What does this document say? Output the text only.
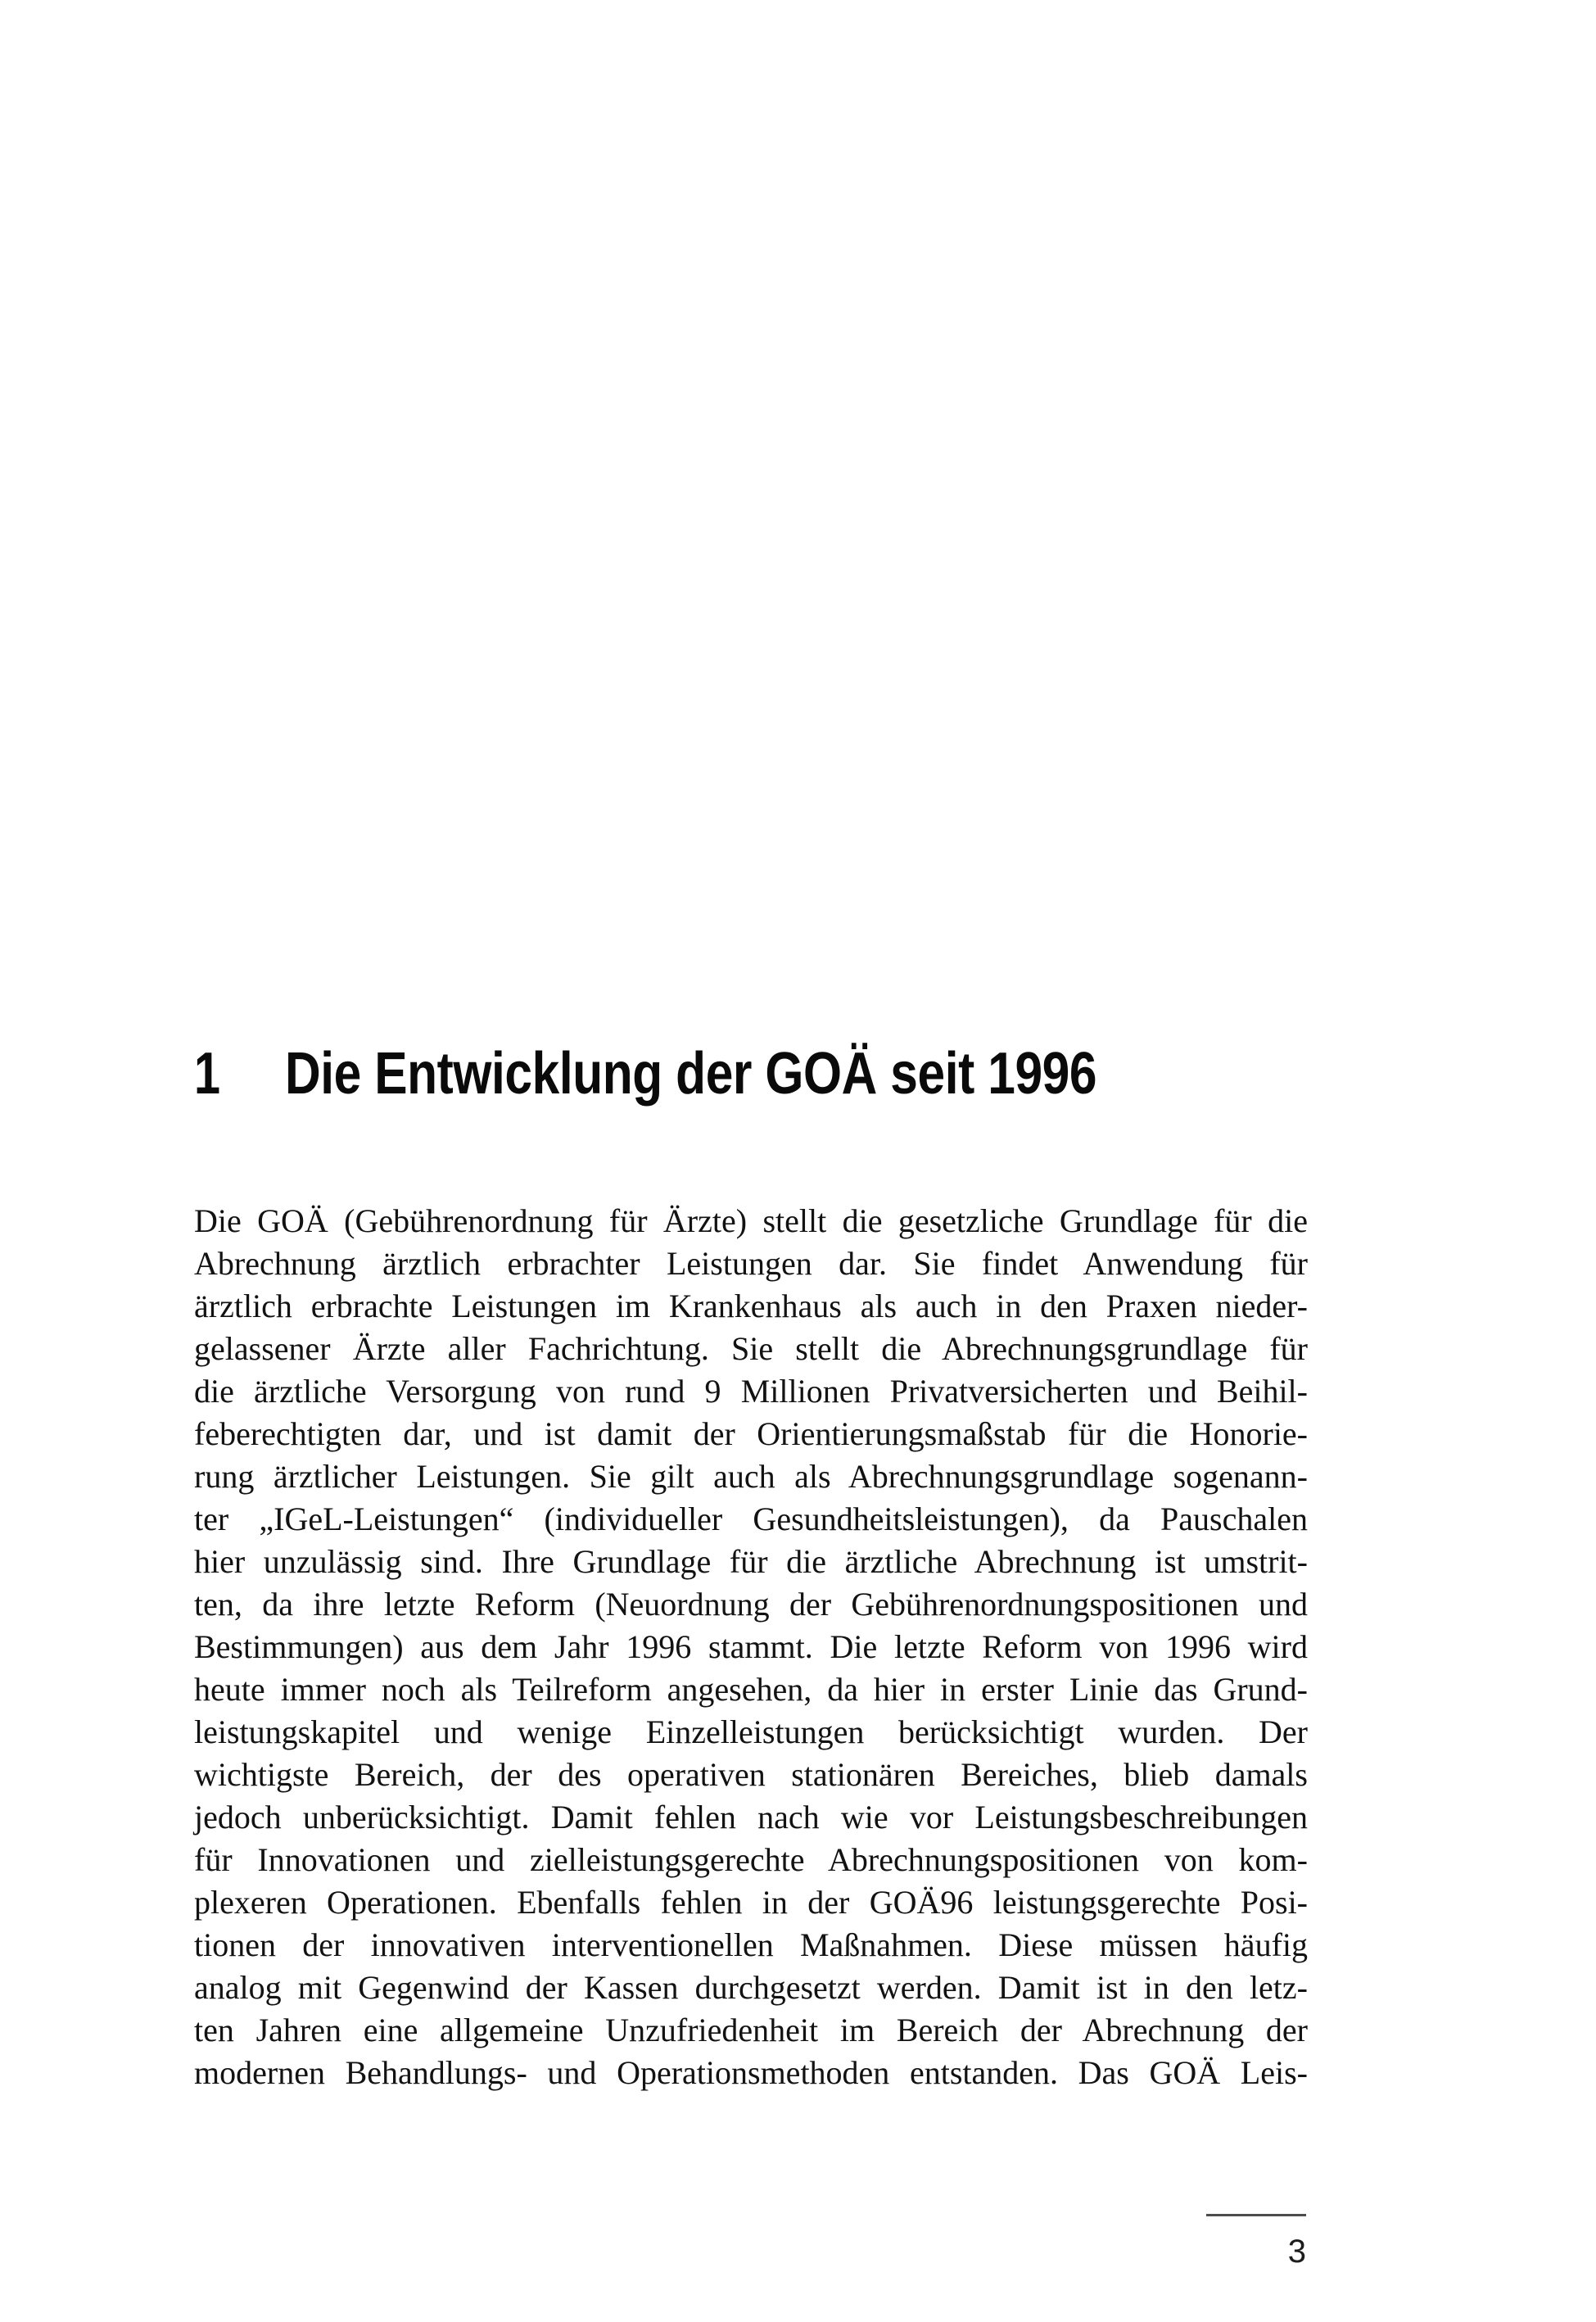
1 Die Entwicklung der GOÄ seit 1996
Die GOÄ (Gebührenordnung für Ärzte) stellt die gesetzliche Grundlage für die
Abrechnung ärztlich erbrachter Leistungen dar. Sie findet Anwendung für
ärztlich erbrachte Leistungen im Krankenhaus als auch in den Praxen nieder-
gelassener Ärzte aller Fachrichtung. Sie stellt die Abrechnungsgrundlage für
die ärztliche Versorgung von rund 9 Millionen Privatversicherten und Beihil-
feberechtigten dar, und ist damit der Orientierungsmaßstab für die Honorie-
rung ärztlicher Leistungen. Sie gilt auch als Abrechnungsgrundlage sogenann-
ter „IGeL-Leistungen“ (individueller Gesundheitsleistungen), da Pauschalen
hier unzulässig sind. Ihre Grundlage für die ärztliche Abrechnung ist umstrit-
ten, da ihre letzte Reform (Neuordnung der Gebührenordnungspositionen und
Bestimmungen) aus dem Jahr 1996 stammt. Die letzte Reform von 1996 wird
heute immer noch als Teilreform angesehen, da hier in erster Linie das Grund-
leistungskapitel und wenige Einzelleistungen berücksichtigt wurden. Der
wichtigste Bereich, der des operativen stationären Bereiches, blieb damals
jedoch unberücksichtigt. Damit fehlen nach wie vor Leistungsbeschreibungen
für Innovationen und zielleistungsgerechte Abrechnungspositionen von kom-
plexeren Operationen. Ebenfalls fehlen in der GOÄ96 leistungsgerechte Posi-
tionen der innovativen interventionellen Maßnahmen. Diese müssen häufig
analog mit Gegenwind der Kassen durchgesetzt werden. Damit ist in den letz-
ten Jahren eine allgemeine Unzufriedenheit im Bereich der Abrechnung der
modernen Behandlungs- und Operationsmethoden entstanden. Das GOÄ Leis-
3
